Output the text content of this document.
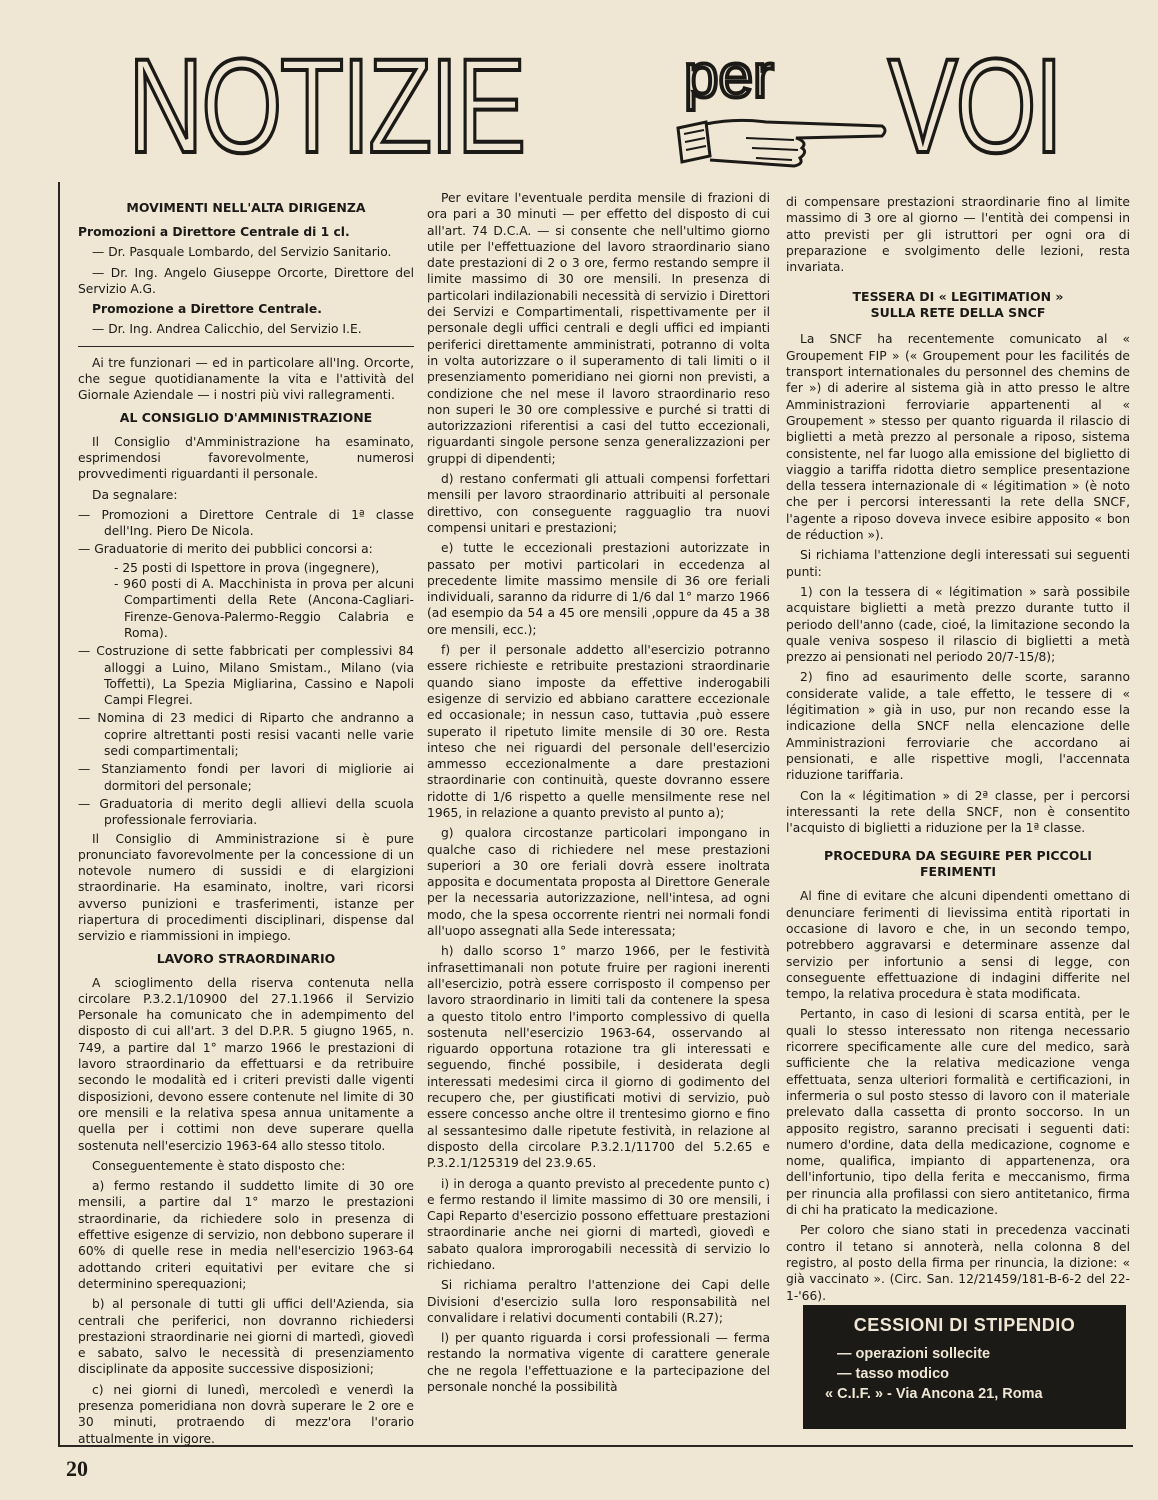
NOTIZIE	per VOI
MOVIMENTI NELL'ALTA DIRIGENZA

Promozioni a Direttore Centrale di 1 cl.

— Dr. Pasquale Lombardo, del Servizio Sanitario.

— Dr. Ing. Angelo Giuseppe Orcorte, Direttore del Servizio A.G.

Promozione a Direttore Centrale.

— Dr. Ing. Andrea Calicchio, del Servizio I.E.

Ai tre funzionari — ed in particolare all'Ing. Orcorte, che segue quotidianamente la vita e l'attività del Giornale Aziendale — i nostri più vivi rallegramenti.

AL CONSIGLIO D'AMMINISTRAZIONE

Il Consiglio d'Amministrazione ha esaminato, esprimendosi favorevolmente, numerosi provvedimenti riguardanti il personale.

Da segnalare:

— Promozioni a Direttore Centrale di 1ª classe dell'Ing. Piero De Nicola.

— Graduatorie di merito dei pubblici concorsi a:

- 25 posti di Ispettore in prova (ingegnere),

- 960 posti di A. Macchinista in prova per alcuni Compartimenti della Rete (Ancona-Cagliari-Firenze-Genova-Palermo-Reggio Calabria e Roma).

— Costruzione di sette fabbricati per complessivi 84 alloggi a Luino, Milano Smistam., Milano (via Toffetti), La Spezia Migliarina, Cassino e Napoli Campi Flegrei.

— Nomina di 23 medici di Riparto che andranno a coprire altrettanti posti resisi vacanti nelle varie sedi compartimentali;

— Stanziamento fondi per lavori di migliorie ai dormitori del personale;

— Graduatoria di merito degli allievi della scuola professionale ferroviaria.

Il Consiglio di Amministrazione si è pure pronunciato favorevolmente per la concessione di un notevole numero di sussidi e di elargizioni straordinarie. Ha esaminato, inoltre, vari ricorsi avverso punizioni e trasferimenti, istanze per riapertura di procedimenti disciplinari, dispense dal servizio e riammissioni in impiego.

LAVORO STRAORDINARIO

A scioglimento della riserva contenuta nella circolare P.3.2.1/10900 del 27.1.1966 il Servizio Personale ha comunicato che in adempimento del disposto di cui all'art. 3 del D.P.R. 5 giugno 1965, n. 749, a partire dal 1° marzo 1966 le prestazioni di lavoro straordinario da effettuarsi e da retribuire secondo le modalità ed i criteri previsti dalle vigenti disposizioni, devono essere contenute nel limite di 30 ore mensili e la relativa spesa annua unitamente a quella per i cottimi non deve superare quella sostenuta nell'esercizio 1963-64 allo stesso titolo.

Conseguentemente è stato disposto che:

a) fermo restando il suddetto limite di 30 ore mensili, a partire dal 1° marzo le prestazioni straordinarie, da richiedere solo in presenza di effettive esigenze di servizio, non debbono superare il 60% di quelle rese in media nell'esercizio 1963-64 adottando criteri equitativi per evitare che si determinino sperequazioni;

b) al personale di tutti gli uffici dell'Azienda, sia centrali che periferici, non dovranno richiedersi prestazioni straordinarie nei giorni di martedì, giovedì e sabato, salvo le necessità di presenziamento disciplinate da apposite successive disposizioni;

c) nei giorni di lunedì, mercoledì e venerdì la presenza pomeridiana non dovrà superare le 2 ore e 30 minuti, protraendo di mezz'ora l'orario attualmente in vigore.

Per evitare l'eventuale perdita mensile di frazioni di ora pari a 30 minuti — per effetto del disposto di cui all'art. 74 D.C.A. — si consente che nell'ultimo giorno utile per l'effettuazione del lavoro straordinario siano date prestazioni di 2 o 3 ore, fermo restando sempre il limite massimo di 30 ore mensili. In presenza di particolari indilazionabili necessità di servizio i Direttori dei Servizi e Compartimentali, rispettivamente per il personale degli uffici centrali e degli uffici ed impianti periferici direttamente amministrati, potranno di volta in volta autorizzare o il superamento di tali limiti o il presenziamento pomeridiano nei giorni non previsti, a condizione che nel mese il lavoro straordinario reso non superi le 30 ore complessive e purché si tratti di autorizzazioni riferentisi a casi del tutto eccezionali, riguardanti singole persone senza generalizzazioni per gruppi di dipendenti;

d) restano confermati gli attuali compensi forfettari mensili per lavoro straordinario attribuiti al personale direttivo, con conseguente ragguaglio tra nuovi compensi unitari e prestazioni;

e) tutte le eccezionali prestazioni autorizzate in passato per motivi particolari in eccedenza al precedente limite massimo mensile di 36 ore feriali individuali, saranno da ridurre di 1/6 dal 1° marzo 1966 (ad esempio da 54 a 45 ore mensili ,oppure da 45 a 38 ore mensili, ecc.);

f) per il personale addetto all'esercizio potranno essere richieste e retribuite prestazioni straordinarie quando siano imposte da effettive inderogabili esigenze di servizio ed abbiano carattere eccezionale ed occasionale; in nessun caso, tuttavia ,può essere superato il ripetuto limite mensile di 30 ore. Resta inteso che nei riguardi del personale dell'esercizio ammesso eccezionalmente a dare prestazioni straordinarie con continuità, queste dovranno essere ridotte di 1/6 rispetto a quelle mensilmente rese nel 1965, in relazione a quanto previsto al punto a);

g) qualora circostanze particolari impongano in qualche caso di richiedere nel mese prestazioni superiori a 30 ore feriali dovrà essere inoltrata apposita e documentata proposta al Direttore Generale per la necessaria autorizzazione, nell'intesa, ad ogni modo, che la spesa occorrente rientri nei normali fondi all'uopo assegnati alla Sede interessata;

h) dallo scorso 1° marzo 1966, per le festività infrasettimanali non potute fruire per ragioni inerenti all'esercizio, potrà essere corrisposto il compenso per lavoro straordinario in limiti tali da contenere la spesa a questo titolo entro l'importo complessivo di quella sostenuta nell'esercizio 1963-64, osservando al riguardo opportuna rotazione tra gli interessati e seguendo, finché possibile, i desiderata degli interessati medesimi circa il giorno di godimento del recupero che, per giustificati motivi di servizio, può essere concesso anche oltre il trentesimo giorno e fino al sessantesimo dalle ripetute festività, in relazione al disposto della circolare P.3.2.1/11700 del 5.2.65 e P.3.2.1/125319 del 23.9.65.

i) in deroga a quanto previsto al precedente punto c) e fermo restando il limite massimo di 30 ore mensili, i Capi Reparto d'esercizio possono effettuare prestazioni straordinarie anche nei giorni di martedì, giovedì e sabato qualora improrogabili necessità di servizio lo richiedano.

Si richiama peraltro l'attenzione dei Capi delle Divisioni d'esercizio sulla loro responsabilità nel convalidare i relativi documenti contabili (R.27);

l) per quanto riguarda i corsi professionali — ferma restando la normativa vigente di carattere generale che ne regola l'effettuazione e la partecipazione del personale nonché la possibilità

di compensare prestazioni straordinarie fino al limite massimo di 3 ore al giorno — l'entità dei compensi in atto previsti per gli istruttori per ogni ora di preparazione e svolgimento delle lezioni, resta invariata.

TESSERA DI « LEGITIMATION »
SULLA RETE DELLA SNCF

La SNCF ha recentemente comunicato al « Groupement FIP » (« Groupement pour les facilités de transport internationales du personnel des chemins de fer ») di aderire al sistema già in atto presso le altre Amministrazioni ferroviarie appartenenti al « Groupement » stesso per quanto riguarda il rilascio di biglietti a metà prezzo al personale a riposo, sistema consistente, nel far luogo alla emissione del biglietto di viaggio a tariffa ridotta dietro semplice presentazione della tessera internazionale di « légitimation » (è noto che per i percorsi interessanti la rete della SNCF, l'agente a riposo doveva invece esibire apposito « bon de réduction »).

Si richiama l'attenzione degli interessati sui seguenti punti:

1) con la tessera di « légitimation » sarà possibile acquistare biglietti a metà prezzo durante tutto il periodo dell'anno (cade, cioé, la limitazione secondo la quale veniva sospeso il rilascio di biglietti a metà prezzo ai pensionati nel periodo 20/7-15/8);

2) fino ad esaurimento delle scorte, saranno considerate valide, a tale effetto, le tessere di « légitimation » già in uso, pur non recando esse la indicazione della SNCF nella elencazione delle Amministrazioni ferroviarie che accordano ai pensionati, e alle rispettive mogli, l'accennata riduzione tariffaria.

Con la « légitimation » di 2ª classe, per i percorsi interessanti la rete della SNCF, non è consentito l'acquisto di biglietti a riduzione per la 1ª classe.

PROCEDURA DA SEGUIRE PER PICCOLI FERIMENTI

Al fine di evitare che alcuni dipendenti omettano di denunciare ferimenti di lievissima entità riportati in occasione di lavoro e che, in un secondo tempo, potrebbero aggravarsi e determinare assenze dal servizio per infortunio a sensi di legge, con conseguente effettuazione di indagini differite nel tempo, la relativa procedura è stata modificata.

Pertanto, in caso di lesioni di scarsa entità, per le quali lo stesso interessato non ritenga necessario ricorrere specificamente alle cure del medico, sarà sufficiente che la relativa medicazione venga effettuata, senza ulteriori formalità e certificazioni, in infermeria o sul posto stesso di lavoro con il materiale prelevato dalla cassetta di pronto soccorso. In un apposito registro, saranno precisati i seguenti dati: numero d'ordine, data della medicazione, cognome e nome, qualifica, impianto di appartenenza, ora dell'infortunio, tipo della ferita e meccanismo, firma per rinuncia alla profilassi con siero antitetanico, firma di chi ha praticato la medicazione.

Per coloro che siano stati in precedenza vaccinati contro il tetano si annoterà, nella colonna 8 del registro, al posto della firma per rinuncia, la dizione: « già vaccinato ». (Circ. San. 12/21459/181-B-6-2 del 22-1-'66).

CESSIONI DI STIPENDIO
— operazioni sollecite
— tasso modico
« C.I.F. » - Via Ancona 21, Roma
20
